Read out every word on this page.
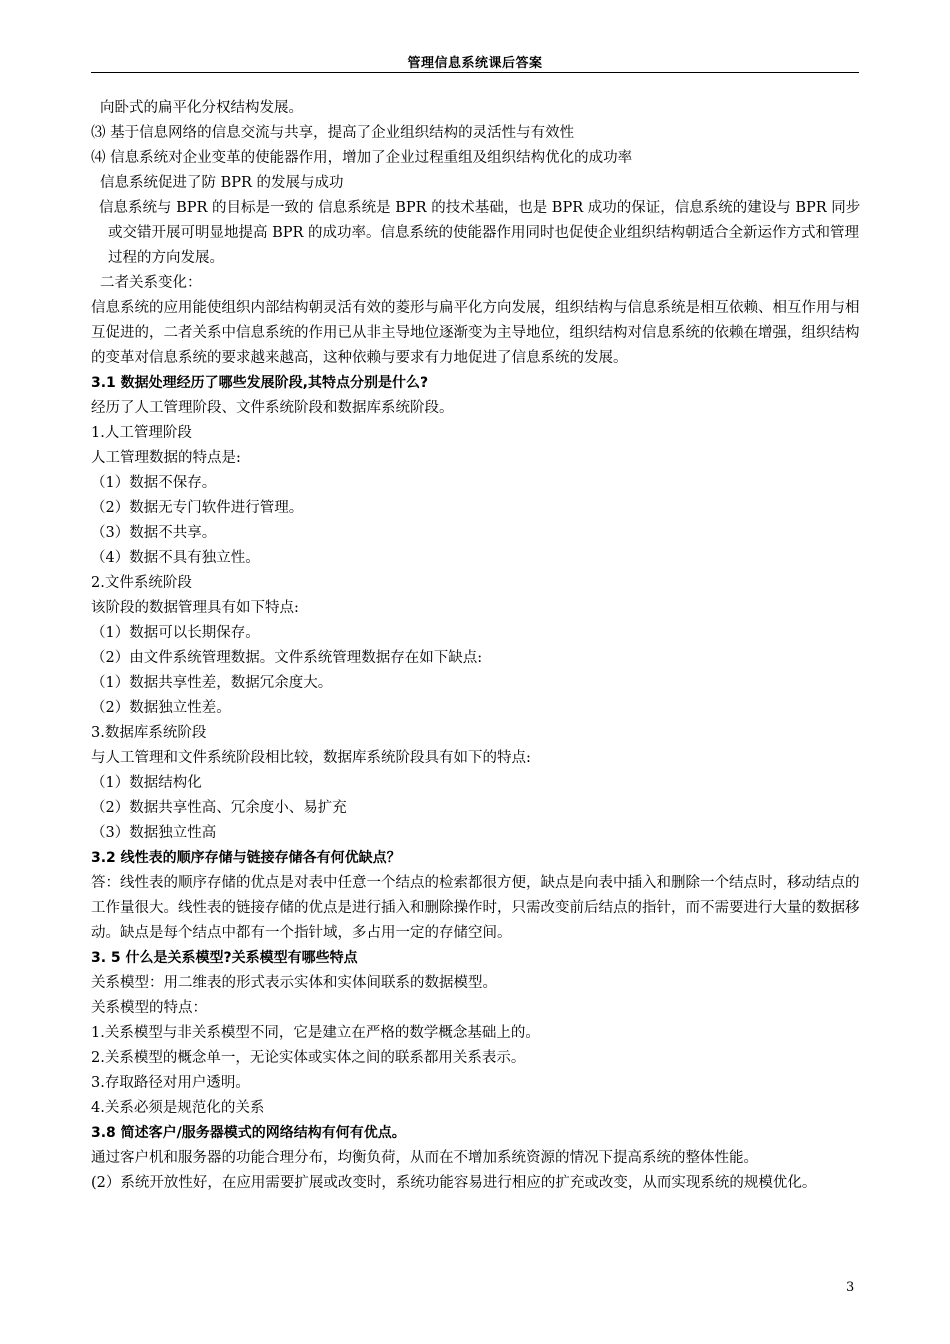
管理信息系统课后答案

向卧式的扁平化分权结构发展。

⑶ 基于信息网络的信息交流与共享，提高了企业组织结构的灵活性与有效性

⑷ 信息系统对企业变革的使能器作用，增加了企业过程重组及组织结构优化的成功率

信息系统促进了防 BPR 的发展与成功

信息系统与 BPR 的目标是一致的 信息系统是 BPR 的技术基础，也是 BPR 成功的保证，信息系统的建设与 BPR 同步或交错开展可明显地提高 BPR 的成功率。信息系统的使能器作用同时也促使企业组织结构朝适合全新运作方式和管理过程的方向发展。

二者关系变化：

信息系统的应用能使组织内部结构朝灵活有效的菱形与扁平化方向发展，组织结构与信息系统是相互依赖、相互作用与相互促进的，二者关系中信息系统的作用已从非主导地位逐渐变为主导地位，组织结构对信息系统的依赖在增强，组织结构的变革对信息系统的要求越来越高，这种依赖与要求有力地促进了信息系统的发展。

3.1 数据处理经历了哪些发展阶段,其特点分别是什么?

经历了人工管理阶段、文件系统阶段和数据库系统阶段。

1.人工管理阶段

人工管理数据的特点是:

（1）数据不保存。

（2）数据无专门软件进行管理。

（3）数据不共享。

（4）数据不具有独立性。

2.文件系统阶段

该阶段的数据管理具有如下特点:

（1）数据可以长期保存。

（2）由文件系统管理数据。文件系统管理数据存在如下缺点:

（1）数据共享性差，数据冗余度大。

（2）数据独立性差。

3.数据库系统阶段

与人工管理和文件系统阶段相比较，数据库系统阶段具有如下的特点:

（1）数据结构化

（2）数据共享性高、冗余度小、易扩充

（3）数据独立性高

3.2 线性表的顺序存储与链接存储各有何优缺点？

答：线性表的顺序存储的优点是对表中任意一个结点的检索都很方便，缺点是向表中插入和删除一个结点时，移动结点的工作量很大。线性表的链接存储的优点是进行插入和删除操作时，只需改变前后结点的指针，而不需要进行大量的数据移动。缺点是每个结点中都有一个指针域，多占用一定的存储空间。

3. 5 什么是关系模型?关系模型有哪些特点

关系模型：用二维表的形式表示实体和实体间联系的数据模型。

关系模型的特点：

1.关系模型与非关系模型不同，它是建立在严格的数学概念基础上的。

2.关系模型的概念单一，无论实体或实体之间的联系都用关系表示。

3.存取路径对用户透明。

4.关系必须是规范化的关系

3.8 简述客户/服务器模式的网络结构有何有优点。

通过客户机和服务器的功能合理分布，均衡负荷，从而在不增加系统资源的情况下提高系统的整体性能。

(2）系统开放性好，在应用需要扩展或改变时，系统功能容易进行相应的扩充或改变，从而实现系统的规模优化。

3
